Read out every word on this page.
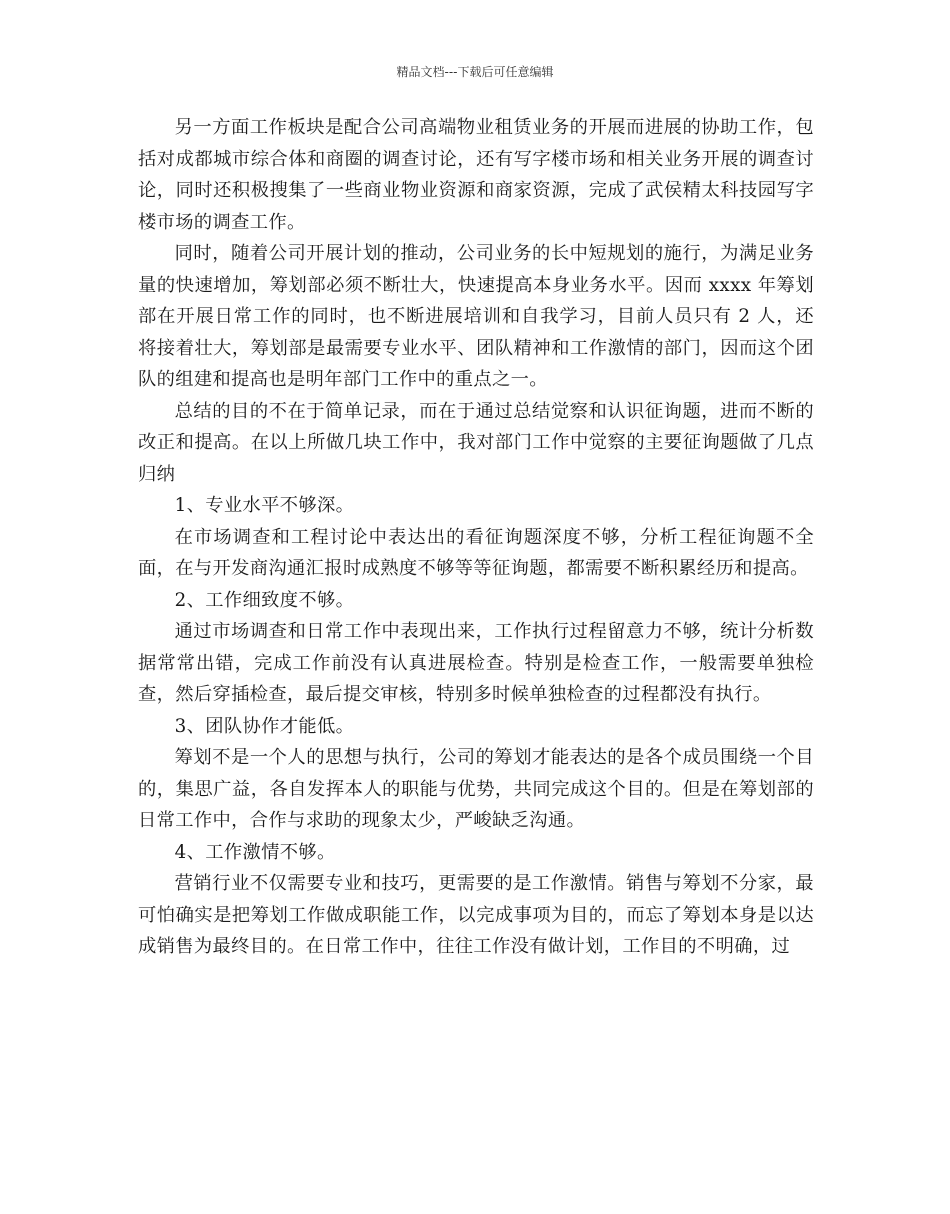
精品文档---下载后可任意编辑

另一方面工作板块是配合公司高端物业租赁业务的开展而进展的协助工作，包括对成都城市综合体和商圈的调查讨论，还有写字楼市场和相关业务开展的调查讨论，同时还积极搜集了一些商业物业资源和商家资源，完成了武侯精太科技园写字楼市场的调查工作。

同时，随着公司开展计划的推动，公司业务的长中短规划的施行，为满足业务量的快速增加，筹划部必须不断壮大，快速提高本身业务水平。因而 xxxx 年筹划部在开展日常工作的同时，也不断进展培训和自我学习，目前人员只有 2 人，还将接着壮大，筹划部是最需要专业水平、团队精神和工作激情的部门，因而这个团队的组建和提高也是明年部门工作中的重点之一。

总结的目的不在于简单记录，而在于通过总结觉察和认识征询题，进而不断的改正和提高。在以上所做几块工作中，我对部门工作中觉察的主要征询题做了几点归纳

1、专业水平不够深。

在市场调查和工程讨论中表达出的看征询题深度不够，分析工程征询题不全面，在与开发商沟通汇报时成熟度不够等等征询题，都需要不断积累经历和提高。

2、工作细致度不够。

通过市场调查和日常工作中表现出来，工作执行过程留意力不够，统计分析数据常常出错，完成工作前没有认真进展检查。特别是检查工作，一般需要单独检查，然后穿插检查，最后提交审核，特别多时候单独检查的过程都没有执行。

3、团队协作才能低。

筹划不是一个人的思想与执行，公司的筹划才能表达的是各个成员围绕一个目的，集思广益，各自发挥本人的职能与优势，共同完成这个目的。但是在筹划部的日常工作中，合作与求助的现象太少，严峻缺乏沟通。

4、工作激情不够。

营销行业不仅需要专业和技巧，更需要的是工作激情。销售与筹划不分家，最可怕确实是把筹划工作做成职能工作，以完成事项为目的，而忘了筹划本身是以达成销售为最终目的。在日常工作中，往往工作没有做计划，工作目的不明确，过
